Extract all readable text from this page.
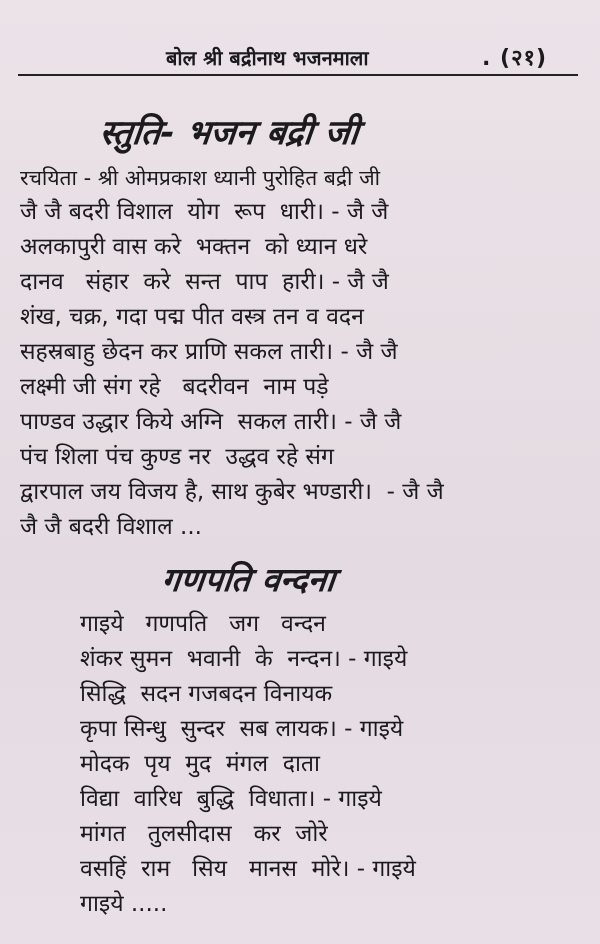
बोल श्री बद्रीनाथ भजनमाला	. (२१)
स्तुति- भजन बद्री जी
रचयिता - श्री ओमप्रकाश ध्यानी पुरोहित बद्री जी
जै जै बदरी विशाल  योग  रूप  धारी। - जै जै
अलकापुरी वास करे  भक्तन  को ध्यान धरे
दानव   संहार  करे  सन्त  पाप  हारी। - जै जै
शंख, चक्र, गदा पद्म पीत वस्त्र तन व वदन
सहस्रबाहु छेदन कर प्राणि सकल तारी। - जै जै
लक्ष्मी जी संग रहे   बदरीवन  नाम पड़े
पाण्डव उद्धार किये अग्नि  सकल तारी। - जै जै
पंच शिला पंच कुण्ड नर  उद्धव रहे संग
द्वारपाल जय विजय है, साथ कुबेर भण्डारी।  - जै जै
जै जै बदरी विशाल ...
गणपति वन्दना
गाइये   गणपति   जग   वन्दन
शंकर सुमन  भवानी  के  नन्दन। - गाइये
सिद्धि  सदन गजबदन विनायक
कृपा सिन्धु  सुन्दर  सब लायक। - गाइये
मोदक  पृय  मुद  मंगल  दाता
विद्या  वारिध  बुद्धि  विधाता। - गाइये
मांगत   तुलसीदास   कर  जोरे
वसहिं  राम   सिय   मानस  मोरे। - गाइये
गाइये .....
